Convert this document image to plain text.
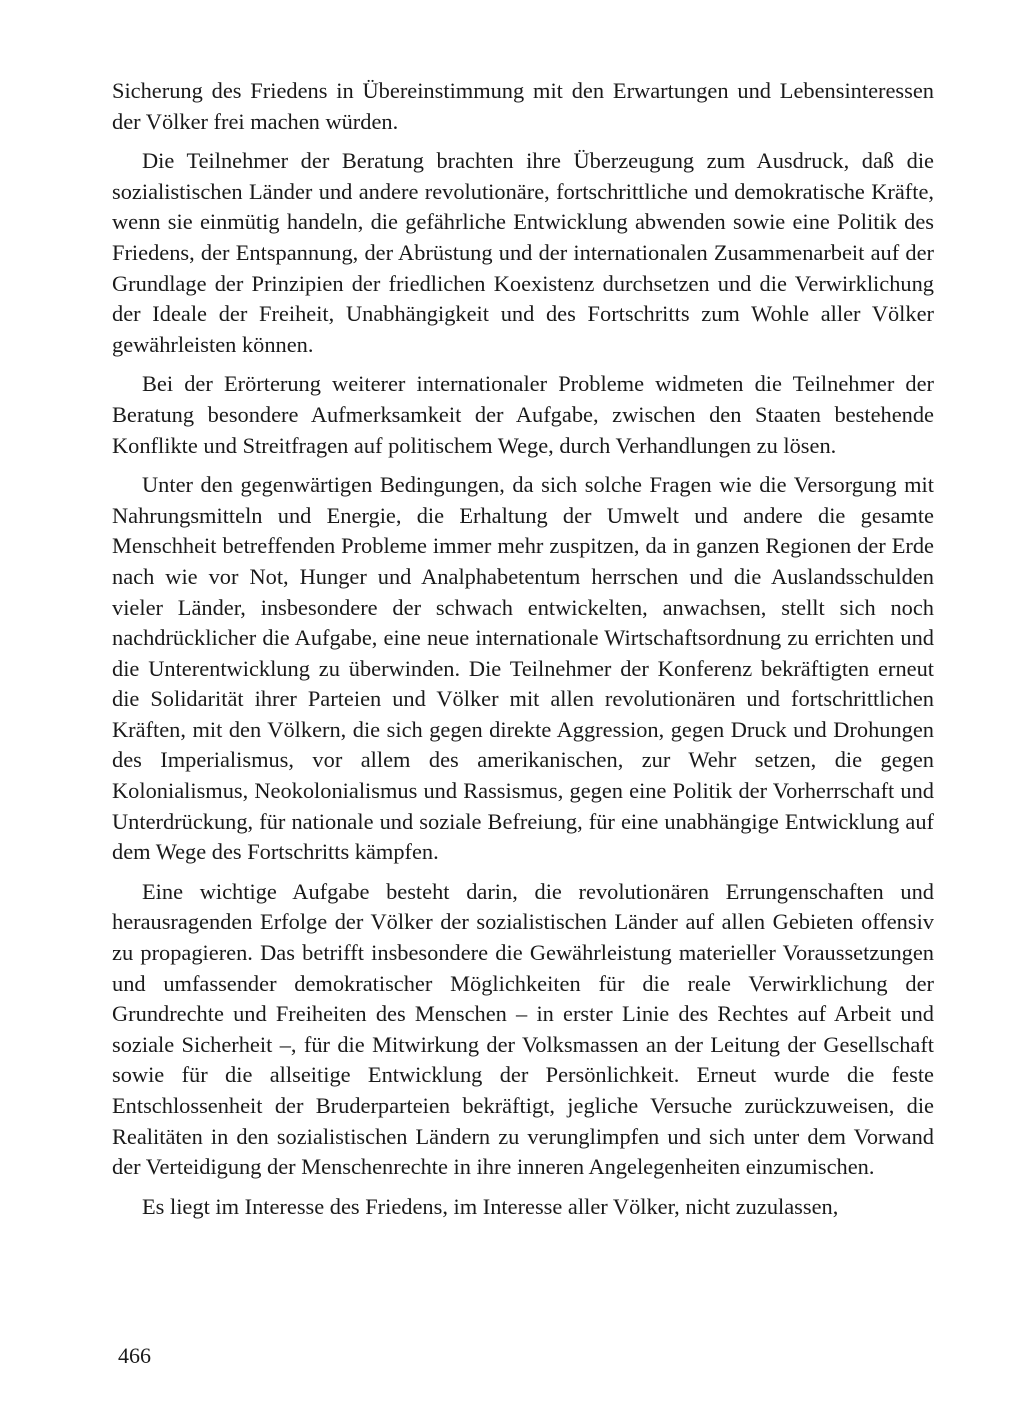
Sicherung des Friedens in Übereinstimmung mit den Erwartungen und Lebensinteressen der Völker frei machen würden.

Die Teilnehmer der Beratung brachten ihre Überzeugung zum Ausdruck, daß die sozialistischen Länder und andere revolutionäre, fortschrittliche und demokratische Kräfte, wenn sie einmütig handeln, die gefährliche Entwicklung abwenden sowie eine Politik des Friedens, der Entspannung, der Abrüstung und der internationalen Zusammenarbeit auf der Grundlage der Prinzipien der friedlichen Koexistenz durchsetzen und die Verwirklichung der Ideale der Freiheit, Unabhängigkeit und des Fortschritts zum Wohle aller Völker gewährleisten können.

Bei der Erörterung weiterer internationaler Probleme widmeten die Teilnehmer der Beratung besondere Aufmerksamkeit der Aufgabe, zwischen den Staaten bestehende Konflikte und Streitfragen auf politischem Wege, durch Verhandlungen zu lösen.

Unter den gegenwärtigen Bedingungen, da sich solche Fragen wie die Versorgung mit Nahrungsmitteln und Energie, die Erhaltung der Umwelt und andere die gesamte Menschheit betreffenden Probleme immer mehr zuspitzen, da in ganzen Regionen der Erde nach wie vor Not, Hunger und Analphabetentum herrschen und die Auslandsschulden vieler Länder, insbesondere der schwach entwickelten, anwachsen, stellt sich noch nachdrücklicher die Aufgabe, eine neue internationale Wirtschaftsordnung zu errichten und die Unterentwicklung zu überwinden. Die Teilnehmer der Konferenz bekräftigten erneut die Solidarität ihrer Parteien und Völker mit allen revolutionären und fortschrittlichen Kräften, mit den Völkern, die sich gegen direkte Aggression, gegen Druck und Drohungen des Imperialismus, vor allem des amerikanischen, zur Wehr setzen, die gegen Kolonialismus, Neokolonialismus und Rassismus, gegen eine Politik der Vorherrschaft und Unterdrückung, für nationale und soziale Befreiung, für eine unabhängige Entwicklung auf dem Wege des Fortschritts kämpfen.

Eine wichtige Aufgabe besteht darin, die revolutionären Errungenschaften und herausragenden Erfolge der Völker der sozialistischen Länder auf allen Gebieten offensiv zu propagieren. Das betrifft insbesondere die Gewährleistung materieller Voraussetzungen und umfassender demokratischer Möglichkeiten für die reale Verwirklichung der Grundrechte und Freiheiten des Menschen – in erster Linie des Rechtes auf Arbeit und soziale Sicherheit –, für die Mitwirkung der Volksmassen an der Leitung der Gesellschaft sowie für die allseitige Entwicklung der Persönlichkeit. Erneut wurde die feste Entschlossenheit der Bruderparteien bekräftigt, jegliche Versuche zurückzuweisen, die Realitäten in den sozialistischen Ländern zu verunglimpfen und sich unter dem Vorwand der Verteidigung der Menschenrechte in ihre inneren Angelegenheiten einzumischen.

Es liegt im Interesse des Friedens, im Interesse aller Völker, nicht zuzulassen,

466
